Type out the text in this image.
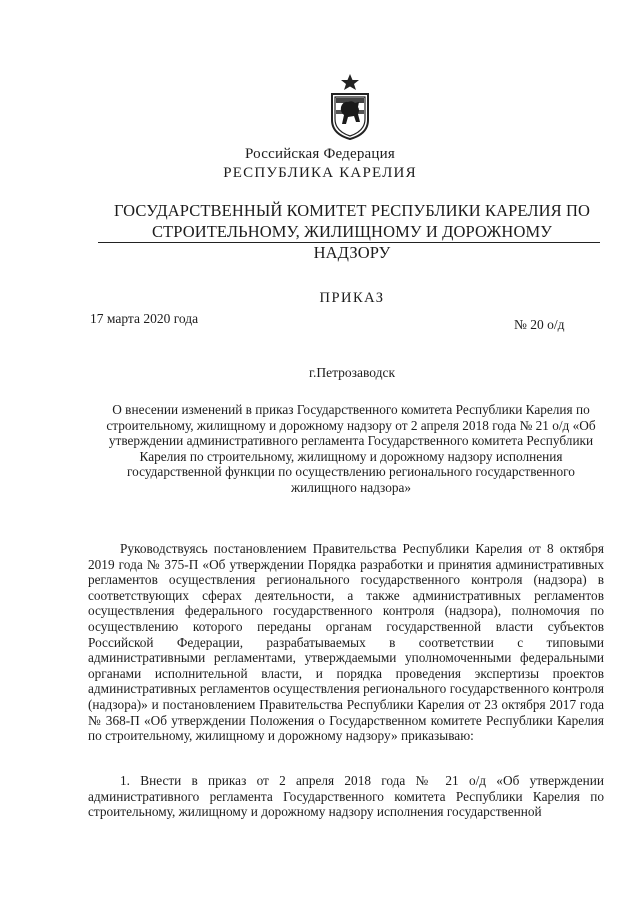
Российская Федерация
РЕСПУБЛИКА КАРЕЛИЯ
ГОСУДАРСТВЕННЫЙ КОМИТЕТ РЕСПУБЛИКИ КАРЕЛИЯ ПО СТРОИТЕЛЬНОМУ, ЖИЛИЩНОМУ И ДОРОЖНОМУ НАДЗОРУ
ПРИКАЗ
17 марта 2020 года	№ 20 о/д
г.Петрозаводск
О внесении изменений в приказ Государственного комитета Республики Карелия по строительному, жилищному и дорожному надзору от 2 апреля 2018 года № 21 о/д «Об утверждении административного регламента Государственного комитета Республики Карелия по строительному, жилищному и дорожному надзору исполнения государственной функции по осуществлению регионального государственного жилищного надзора»

Руководствуясь постановлением Правительства Республики Карелия от 8 октября 2019 года № 375-П «Об утверждении Порядка разработки и принятия административных регламентов осуществления регионального государственного контроля (надзора) в соответствующих сферах деятельности, а также административных регламентов осуществления федерального государственного контроля (надзора), полномочия по осуществлению которого переданы органам государственной власти субъектов Российской Федерации, разрабатываемых в соответствии с типовыми административными регламентами, утверждаемыми уполномоченными федеральными органами исполнительной власти, и порядка проведения экспертизы проектов административных регламентов осуществления регионального государственного контроля (надзора)» и постановлением Правительства Республики Карелия от 23 октября 2017 года № 368-П «Об утверждении Положения о Государственном комитете Республики Карелия по строительному, жилищному и дорожному надзору» приказываю:

1. Внести в приказ от 2 апреля 2018 года № 21 о/д «Об утверждении административного регламента Государственного комитета Республики Карелия по строительному, жилищному и дорожному надзору исполнения государственной
